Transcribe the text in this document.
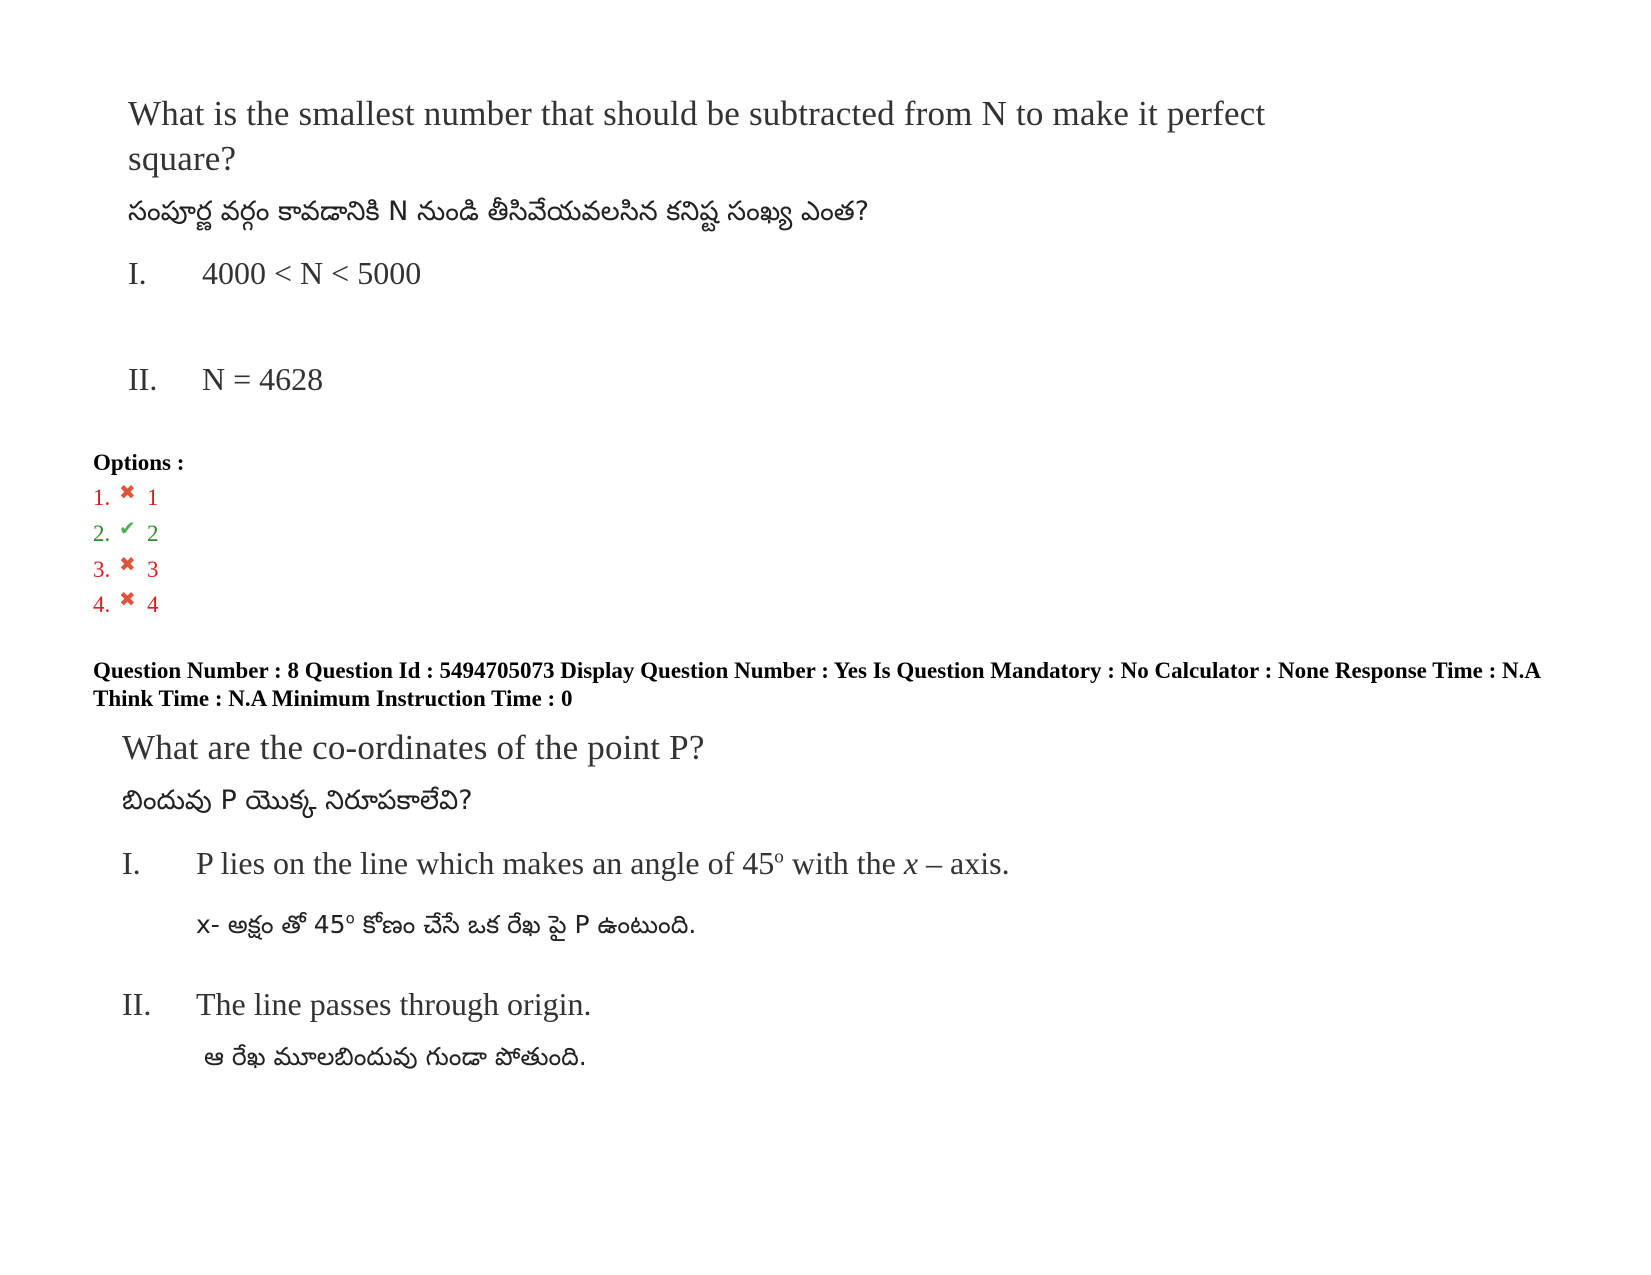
What is the smallest number that should be subtracted from N to make it perfect
square?
సంపూర్ణ వర్గం కావడానికి N నుండి తీసివేయవలసిన కనిష్ట సంఖ్య ఎంత?
I. 4000 < N < 5000
II. N = 4628
Options :
1. ✖ 1
2. ✔ 2
3. ✖ 3
4. ✖ 4
Question Number : 8 Question Id : 5494705073 Display Question Number : Yes Is Question Mandatory : No Calculator : None Response Time : N.A Think Time : N.A Minimum Instruction Time : 0
What are the co-ordinates of the point P?
బిందువు P యొక్క నిరూపకాలేవి?
I. P lies on the line which makes an angle of 45$^o$ with the x – axis.
x- అక్షం తో 45$^o$ కోణం చేసే ఒక రేఖ పై P ఉంటుంది.
II. The line passes through origin.
ఆ రేఖ మూలబిందువు గుండా పోతుంది.
